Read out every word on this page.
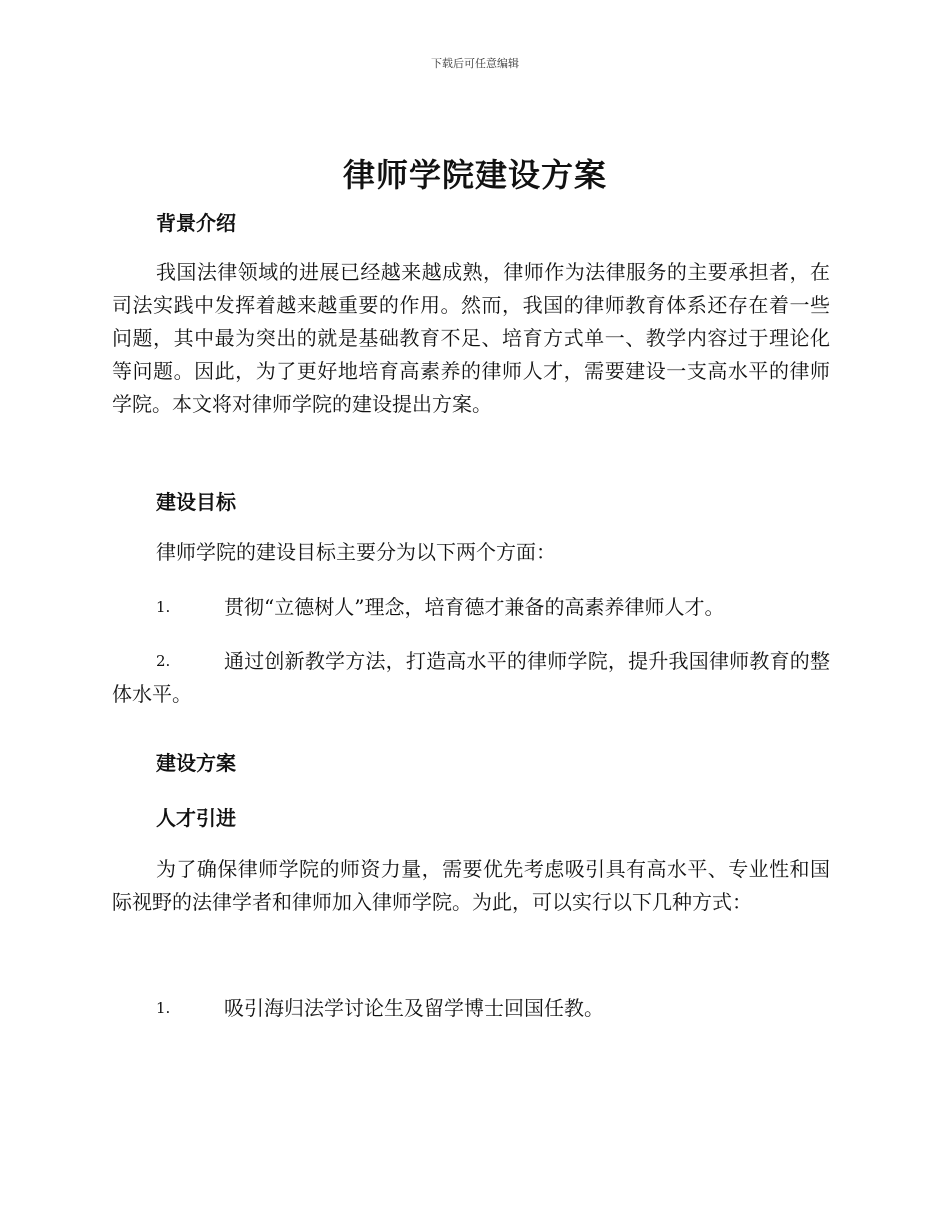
下载后可任意编辑
律师学院建设方案
背景介绍

我国法律领域的进展已经越来越成熟，律师作为法律服务的主要承担者，在司法实践中发挥着越来越重要的作用。然而，我国的律师教育体系还存在着一些问题，其中最为突出的就是基础教育不足、培育方式单一、教学内容过于理论化等问题。因此，为了更好地培育高素养的律师人才，需要建设一支高水平的律师学院。本文将对律师学院的建设提出方案。

建设目标

律师学院的建设目标主要分为以下两个方面：

1.	贯彻“立德树人”理念，培育德才兼备的高素养律师人才。
2.	通过创新教学方法，打造高水平的律师学院，提升我国律师教育的整体水平。
建设方案
人才引进

为了确保律师学院的师资力量，需要优先考虑吸引具有高水平、专业性和国际视野的法律学者和律师加入律师学院。为此，可以实行以下几种方式：

1.	吸引海归法学讨论生及留学博士回国任教。
